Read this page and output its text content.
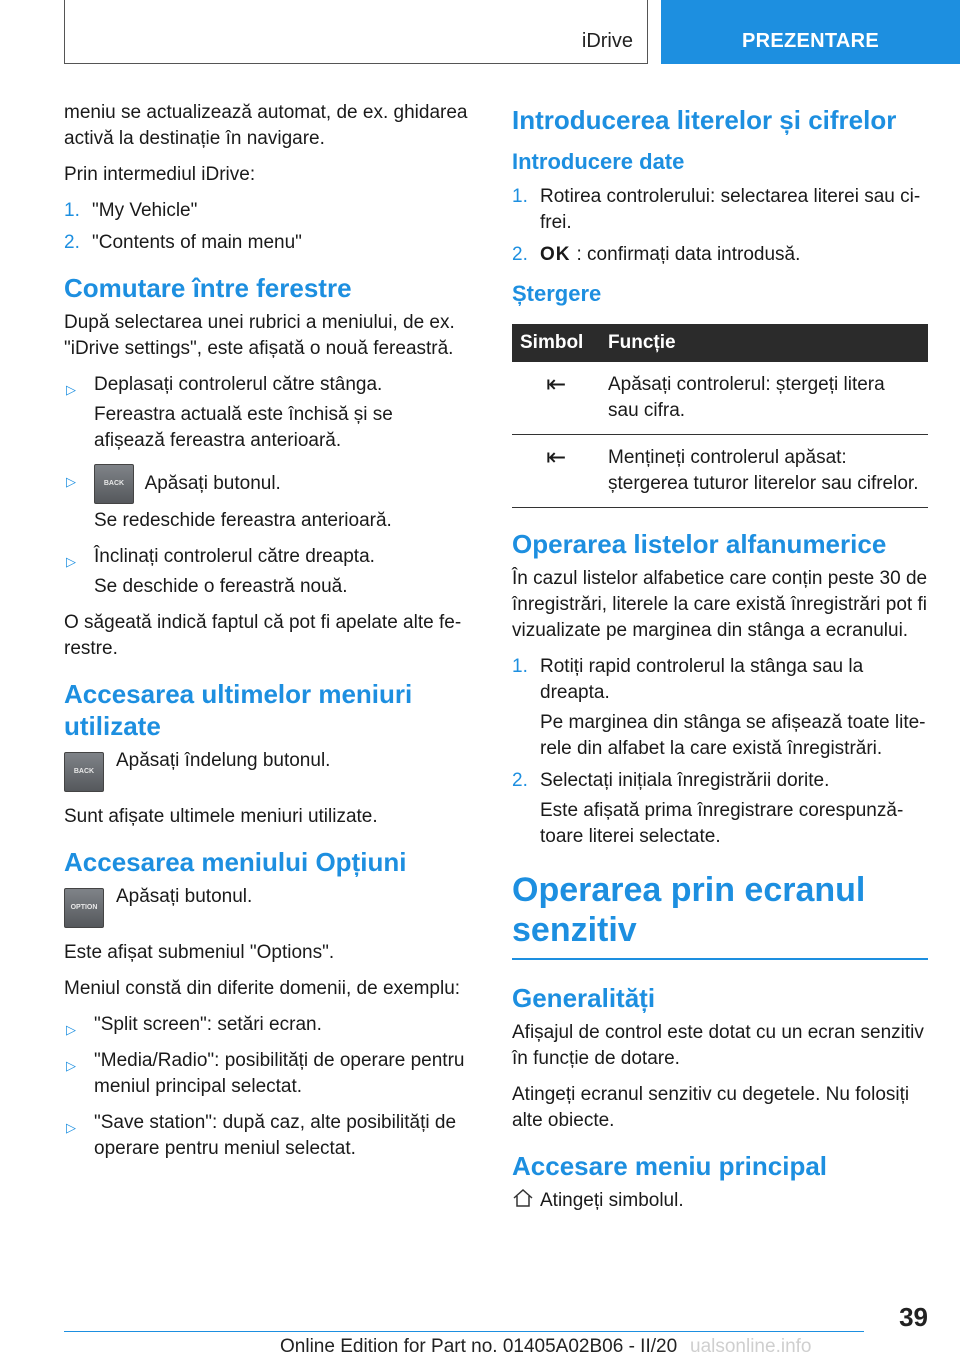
iDrive	PREZENTARE

meniu se actualizează automat, de ex. ghidarea activă la destinație în navigare.

Prin intermediul iDrive:

1. "My Vehicle"
2. "Contents of main menu"
Comutare între ferestre

După selectarea unei rubrici a meniului, de ex. "iDrive settings", este afișată o nouă fereastră.

▷ Deplasați controlerul către stânga.
Fereastra actuală este închisă și se afișează fereastra anterioară.
▷	BACK Apăsați butonul.
Se redeschide fereastra anterioară.
▷ Înclinați controlerul către dreapta.
Se deschide o fereastră nouă.

O săgeată indică faptul că pot fi apelate alte fe‐restre.

Accesarea ultimelor meniuri utilizate
BACK
Apăsați îndelung butonul.

Sunt afișate ultimele meniuri utilizate.

Accesarea meniului Opțiuni
OPTION
Apăsați butonul.

Este afișat submeniul "Options".

Meniul constă din diferite domenii, de exemplu:

▷ "Split screen": setări ecran.
▷ "Media/Radio": posibilități de operare pentru meniul principal selectat.
▷ "Save station": după caz, alte posibilități de operare pentru meniul selectat.
Introducerea literelor și cifrelor
Introducere date
1. Rotirea controlerului: selectarea literei sau ci‐frei.
2. OK : confirmați data introdusă.
Ștergere
Simbol	Funcție
⇤	Apăsați controlerul: ștergeți litera sau cifra.
⇤	Mențineți controlerul apăsat: ștergerea tuturor literelor sau cifrelor.
Operarea listelor alfanumerice

În cazul listelor alfabetice care conțin peste 30 de înregistrări, literele la care există înregistrări pot fi vizualizate pe marginea din stânga a ecranului.

1. Rotiți rapid controlerul la stânga sau la dreapta.
Pe marginea din stânga se afișează toate lite‐rele din alfabet la care există înregistrări.
2. Selectați inițiala înregistrării dorite.
Este afișată prima înregistrare corespunză‐toare literei selectate.
Operarea prin ecranul senzitiv
Generalități

Afișajul de control este dotat cu un ecran senzitiv în funcție de dotare.

Atingeți ecranul senzitiv cu degetele. Nu folosiți alte obiecte.

Accesare meniu principal

Atingeți simbolul.

39
Online Edition for Part no. 01405A02B06 - II/20 ualsonline.info
